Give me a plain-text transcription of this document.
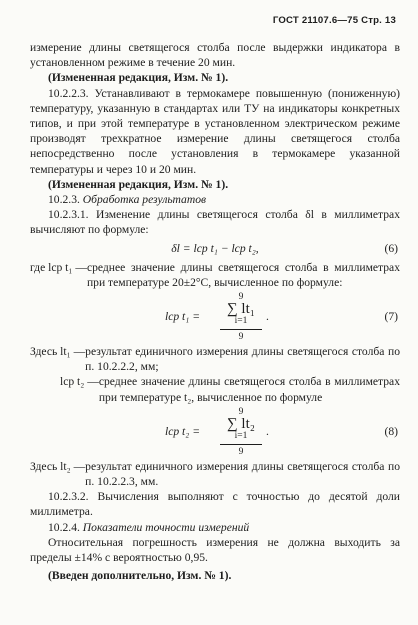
ГОСТ 21107.6—75 Стр. 13

измерение длины светящегося столба после выдержки индикатора в установленном режиме в течение 20 мин.

(Измененная редакция, Изм. № 1).

10.2.2.3. Устанавливают в термокамере повышенную (пониженную) температуру, указанную в стандартах или ТУ на индикаторы конкретных типов, и при этой температуре в установленном электрическом режиме производят трехкратное измерение длины светящегося столба непосредственно после установления в термокамере указанной температуры и через 10 и 20 мин.

(Измененная редакция, Изм. № 1).

10.2.3. Обработка результатов

10.2.3.1. Изменение длины светящегося столба δl в миллиметрах вычисляют по формуле:

δl = lср t₁ − lср t₂,	(6)
где lср t₁ — среднее значение длины светящегося столба в миллиметрах при температуре 20±2°С, вычисленное по формуле:
lср t₁ =
9
∑ lt₁
i=1
9
.	(7)
Здесь lt₁ — результат единичного измерения длины светящегося столба по п. 10.2.2.2, мм;
lср t₂ — среднее значение длины светящегося столба в миллиметрах при температуре t₂, вычисленное по формуле
lср t₂ =
9
∑ lt₂
i=1
9
.	(8)
Здесь lt₂ — результат единичного измерения длины светящегося столба по п. 10.2.2.3, мм.

10.2.3.2. Вычисления выполняют с точностью до десятой доли миллиметра.

10.2.4. Показатели точности измерений

Относительная погрешность измерения не должна выходить за пределы ±14% с вероятностью 0,95.

(Введен дополнительно, Изм. № 1).
